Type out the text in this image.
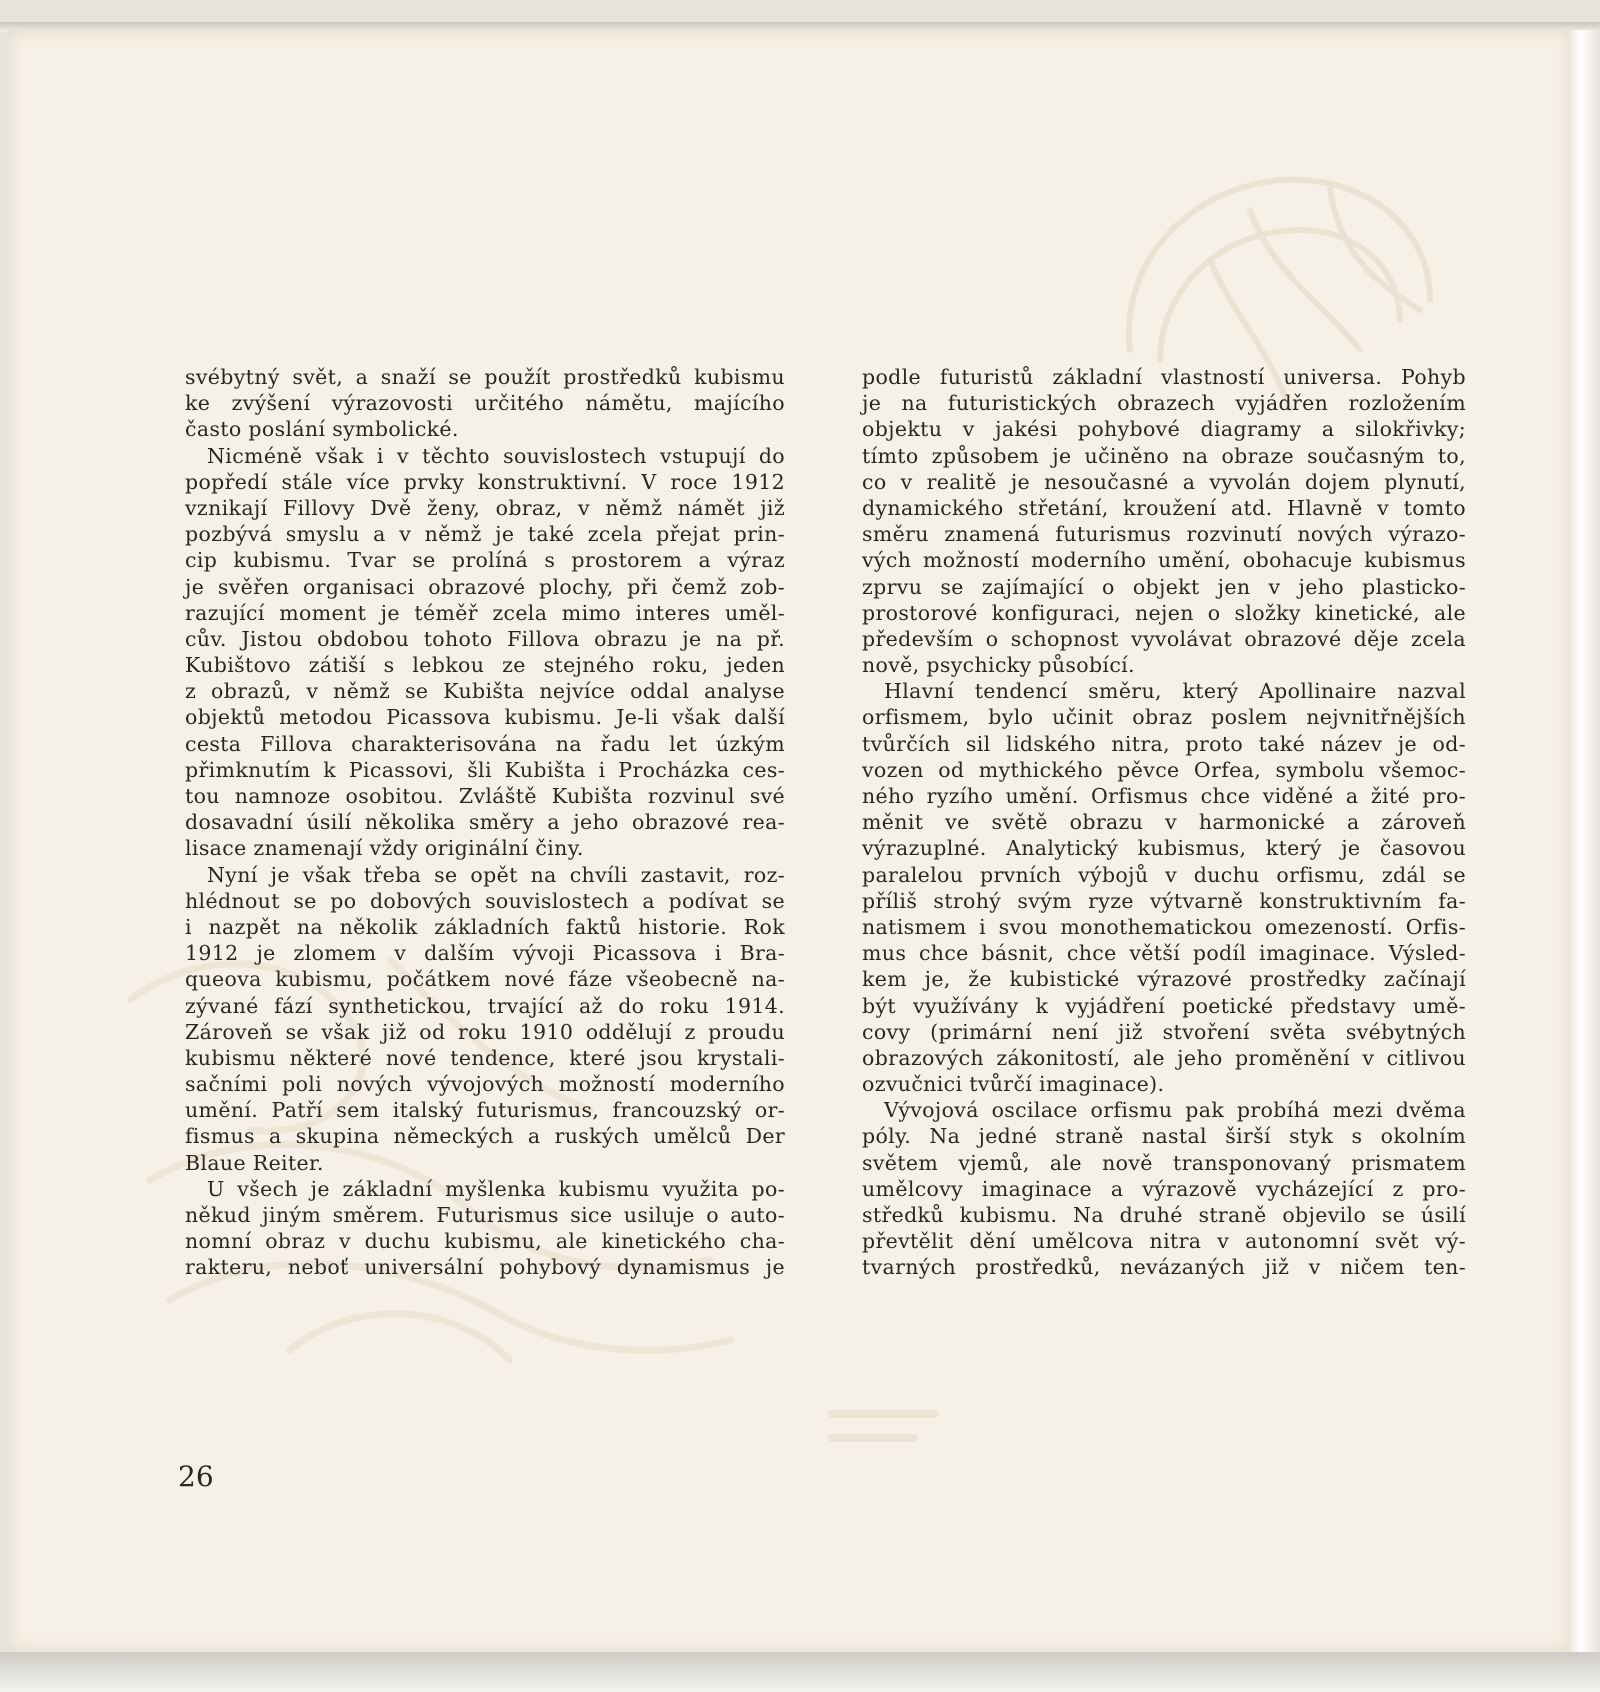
svébytný svět, a snaží se použít prostředků kubismu
ke zvýšení výrazovosti určitého námětu, majícího
často poslání symbolické.
Nicméně však i v těchto souvislostech vstupují do
popředí stále více prvky konstruktivní. V roce 1912
vznikají Fillovy Dvě ženy, obraz, v němž námět již
pozbývá smyslu a v němž je také zcela přejat prin-
cip kubismu. Tvar se prolíná s prostorem a výraz
je svěřen organisaci obrazové plochy, při čemž zob-
razující moment je téměř zcela mimo interes uměl-
cův. Jistou obdobou tohoto Fillova obrazu je na př.
Kubištovo zátiší s lebkou ze stejného roku, jeden
z obrazů, v němž se Kubišta nejvíce oddal analyse
objektů metodou Picassova kubismu. Je-li však další
cesta Fillova charakterisována na řadu let úzkým
přimknutím k Picassovi, šli Kubišta i Procházka ces-
tou namnoze osobitou. Zvláště Kubišta rozvinul své
dosavadní úsilí několika směry a jeho obrazové rea-
lisace znamenají vždy originální činy.
Nyní je však třeba se opět na chvíli zastavit, roz-
hlédnout se po dobových souvislostech a podívat se
i nazpět na několik základních faktů historie. Rok
1912 je zlomem v dalším vývoji Picassova i Bra-
queova kubismu, počátkem nové fáze všeobecně na-
zývané fází synthetickou, trvající až do roku 1914.
Zároveň se však již od roku 1910 oddělují z proudu
kubismu některé nové tendence, které jsou krystali-
sačními poli nových vývojových možností moderního
umění. Patří sem italský futurismus, francouzský or-
fismus a skupina německých a ruských umělců Der
Blaue Reiter.
U všech je základní myšlenka kubismu využita po-
někud jiným směrem. Futurismus sice usiluje o auto-
nomní obraz v duchu kubismu, ale kinetického cha-
rakteru, neboť universální pohybový dynamismus je
podle futuristů základní vlastností universa. Pohyb
je na futuristických obrazech vyjádřen rozložením
objektu v jakési pohybové diagramy a silokřivky;
tímto způsobem je učiněno na obraze současným to,
co v realitě je nesoučasné a vyvolán dojem plynutí,
dynamického střetání, kroužení atd. Hlavně v tomto
směru znamená futurismus rozvinutí nových výrazo-
vých možností moderního umění, obohacuje kubismus
zprvu se zajímající o objekt jen v jeho plasticko-
prostorové konfiguraci, nejen o složky kinetické, ale
především o schopnost vyvolávat obrazové děje zcela
nově, psychicky působící.
Hlavní tendencí směru, který Apollinaire nazval
orfismem, bylo učinit obraz poslem nejvnitřnějších
tvůrčích sil lidského nitra, proto také název je od-
vozen od mythického pěvce Orfea, symbolu všemoc-
ného ryzího umění. Orfismus chce viděné a žité pro-
měnit ve světě obrazu v harmonické a zároveň
výrazuplné. Analytický kubismus, který je časovou
paralelou prvních výbojů v duchu orfismu, zdál se
příliš strohý svým ryze výtvarně konstruktivním fa-
natismem i svou monothematickou omezeností. Orfis-
mus chce básnit, chce větší podíl imaginace. Výsled-
kem je, že kubistické výrazové prostředky začínají
být využívány k vyjádření poetické představy umě-
covy (primární není již stvoření světa svébytných
obrazových zákonitostí, ale jeho proměnění v citlivou
ozvučnici tvůrčí imaginace).
Vývojová oscilace orfismu pak probíhá mezi dvěma
póly. Na jedné straně nastal širší styk s okolním
světem vjemů, ale nově transponovaný prismatem
umělcovy imaginace a výrazově vycházející z pro-
středků kubismu. Na druhé straně objevilo se úsilí
převtělit dění umělcova nitra v autonomní svět vý-
tvarných prostředků, nevázaných již v ničem ten-
26
